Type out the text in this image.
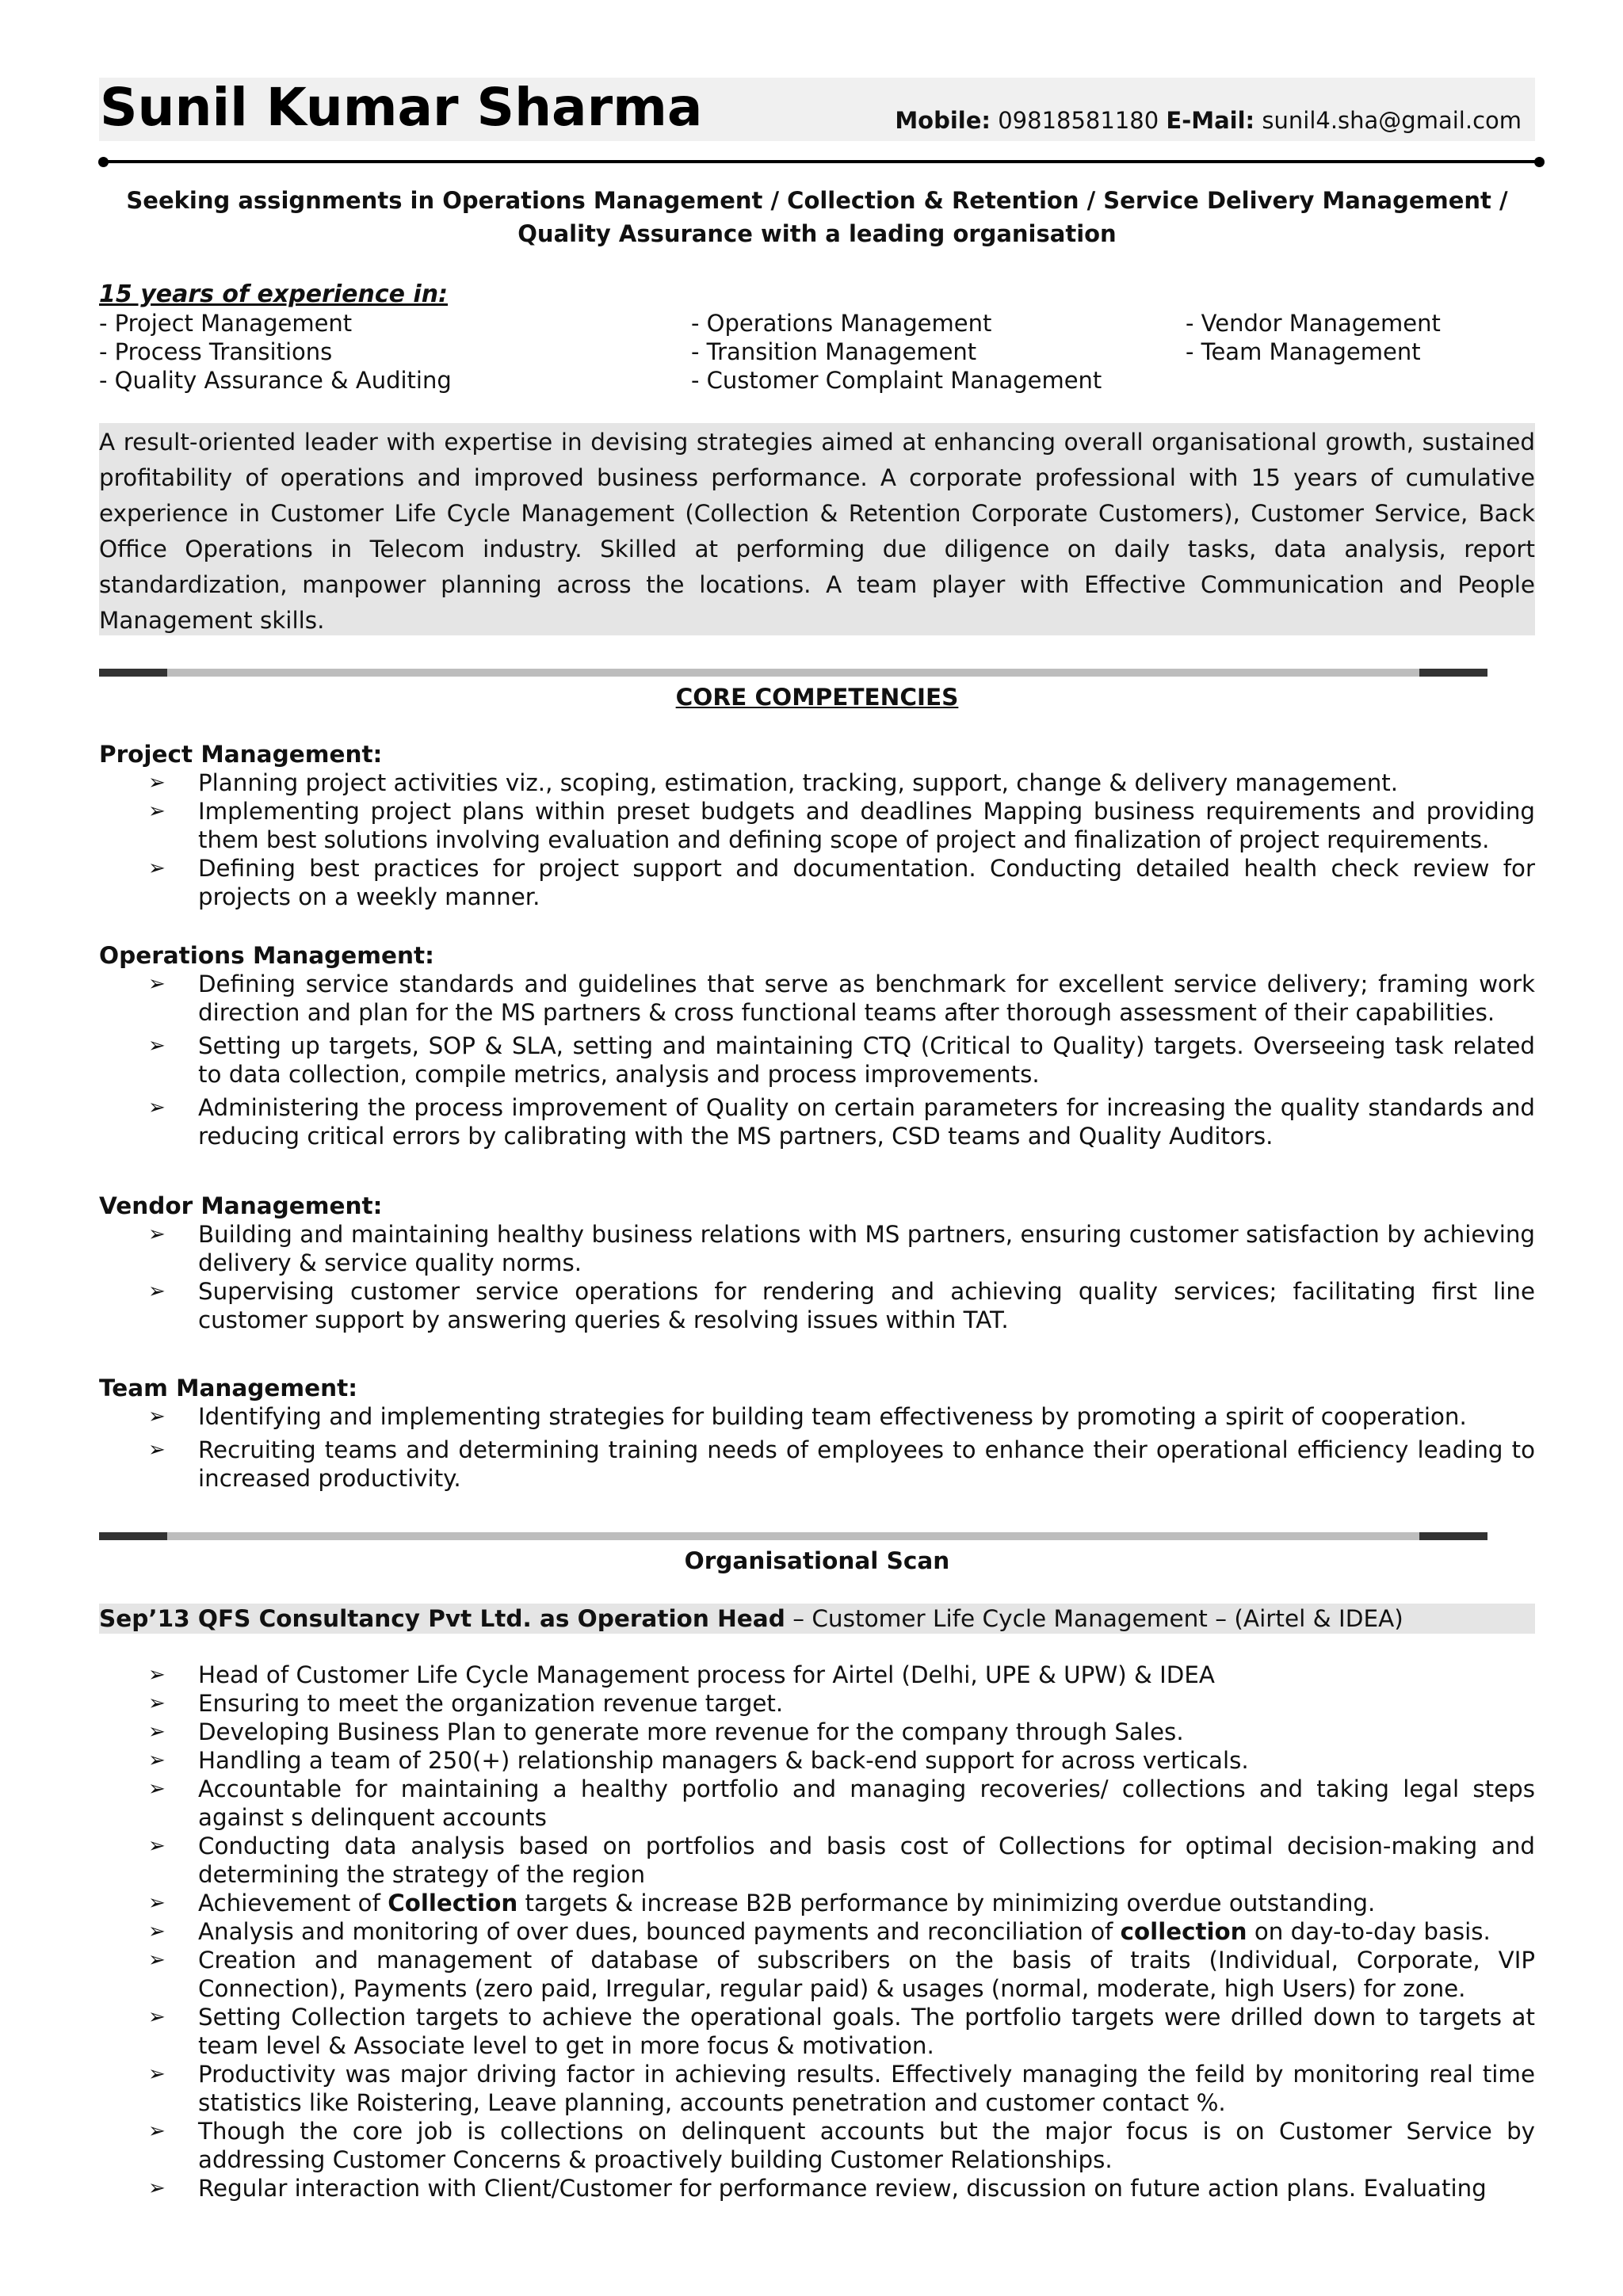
Sunil Kumar Sharma	Mobile: 09818581180 E-Mail: sunil4.sha@gmail.com
Seeking assignments in Operations Management / Collection & Retention / Service Delivery Management /
Quality Assurance with a leading organisation
15 years of experience in:
- Project Management
- Process Transitions
- Quality Assurance & Auditing
- Operations Management
- Transition Management
- Customer Complaint Management
- Vendor Management
- Team Management
A result-oriented leader with expertise in devising strategies aimed at enhancing overall organisational growth, sustained profitability of operations and improved business performance. A corporate professional with 15 years of cumulative experience in Customer Life Cycle Management (Collection & Retention Corporate Customers), Customer Service, Back Office Operations in Telecom industry. Skilled at performing due diligence on daily tasks, data analysis, report standardization, manpower planning across the locations. A team player with Effective Communication and People Management skills.
CORE COMPETENCIES
Project Management:
➢ Planning project activities viz., scoping, estimation, tracking, support, change & delivery management.
➢ Implementing project plans within preset budgets and deadlines Mapping business requirements and providing them best solutions involving evaluation and defining scope of project and finalization of project requirements.
➢ Defining best practices for project support and documentation. Conducting detailed health check review for projects on a weekly manner.
Operations Management:
➢ Defining service standards and guidelines that serve as benchmark for excellent service delivery; framing work direction and plan for the MS partners & cross functional teams after thorough assessment of their capabilities.
➢ Setting up targets, SOP & SLA, setting and maintaining CTQ (Critical to Quality) targets. Overseeing task related to data collection, compile metrics, analysis and process improvements.
➢ Administering the process improvement of Quality on certain parameters for increasing the quality standards and reducing critical errors by calibrating with the MS partners, CSD teams and Quality Auditors.
Vendor Management:
➢ Building and maintaining healthy business relations with MS partners, ensuring customer satisfaction by achieving delivery & service quality norms.
➢ Supervising customer service operations for rendering and achieving quality services; facilitating first line customer support by answering queries & resolving issues within TAT.
Team Management:
➢ Identifying and implementing strategies for building team effectiveness by promoting a spirit of cooperation.
➢ Recruiting teams and determining training needs of employees to enhance their operational efficiency leading to increased productivity.
Organisational Scan
Sep’13 QFS Consultancy Pvt Ltd. as Operation Head – Customer Life Cycle Management – (Airtel & IDEA)
➢ Head of Customer Life Cycle Management process for Airtel (Delhi, UPE & UPW) & IDEA
➢ Ensuring to meet the organization revenue target.
➢ Developing Business Plan to generate more revenue for the company through Sales.
➢ Handling a team of 250(+) relationship managers & back-end support for across verticals.
➢ Accountable for maintaining a healthy portfolio and managing recoveries/ collections and taking legal steps against s delinquent accounts
➢ Conducting data analysis based on portfolios and basis cost of Collections for optimal decision-making and determining the strategy of the region
➢ Achievement of Collection targets & increase B2B performance by minimizing overdue outstanding.
➢ Analysis and monitoring of over dues, bounced payments and reconciliation of collection on day-to-day basis.
➢ Creation and management of database of subscribers on the basis of traits (Individual, Corporate, VIP Connection), Payments (zero paid, Irregular, regular paid) & usages (normal, moderate, high Users) for zone.
➢ Setting Collection targets to achieve the operational goals. The portfolio targets were drilled down to targets at team level & Associate level to get in more focus & motivation.
➢ Productivity was major driving factor in achieving results. Effectively managing the feild by monitoring real time statistics like Roistering, Leave planning, accounts penetration and customer contact %.
➢ Though the core job is collections on delinquent accounts but the major focus is on Customer Service by addressing Customer Concerns & proactively building Customer Relationships.
➢ Regular interaction with Client/Customer for performance review, discussion on future action plans. Evaluating
